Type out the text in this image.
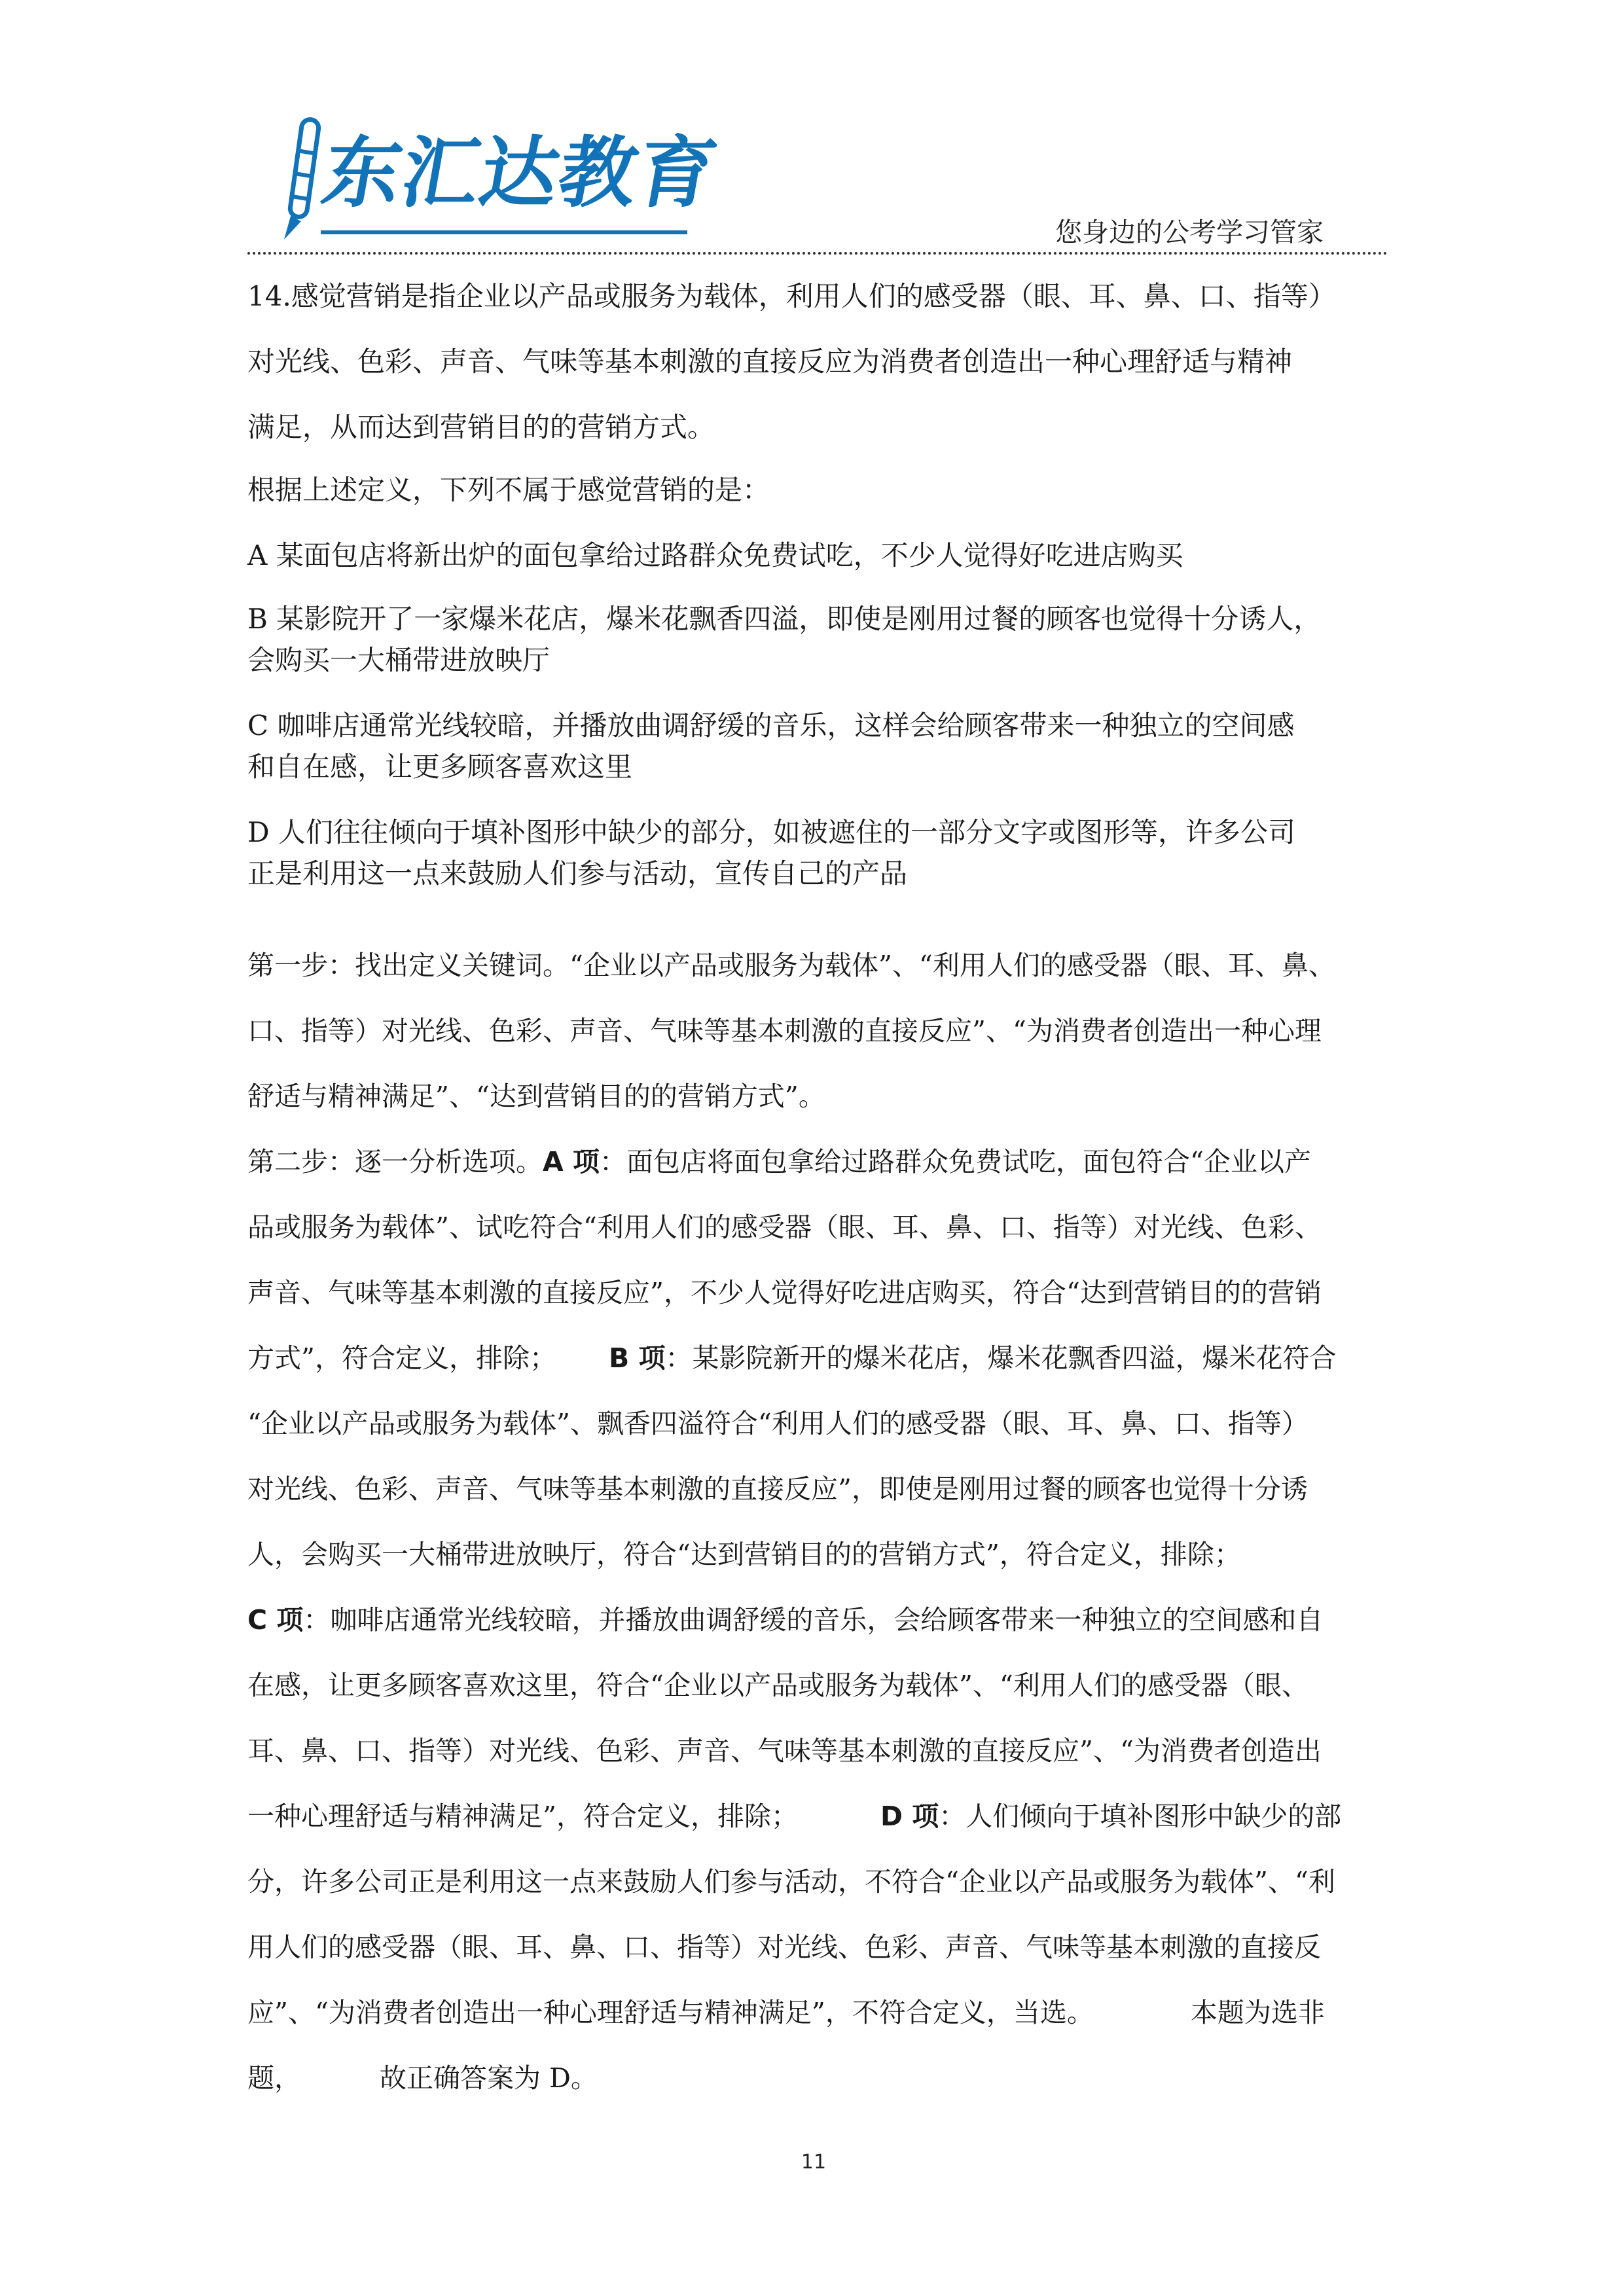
东汇达教育
您身边的公考学习管家
14.感觉营销是指企业以产品或服务为载体，利用人们的感受器（眼、耳、鼻、口、指等）
对光线、色彩、声音、气味等基本刺激的直接反应为消费者创造出一种心理舒适与精神
满足，从而达到营销目的的营销方式。
根据上述定义，下列不属于感觉营销的是：
A 某面包店将新出炉的面包拿给过路群众免费试吃，不少人觉得好吃进店购买
B 某影院开了一家爆米花店，爆米花飘香四溢，即使是刚用过餐的顾客也觉得十分诱人，
会购买一大桶带进放映厅
C 咖啡店通常光线较暗，并播放曲调舒缓的音乐，这样会给顾客带来一种独立的空间感
和自在感，让更多顾客喜欢这里
D 人们往往倾向于填补图形中缺少的部分，如被遮住的一部分文字或图形等，许多公司
正是利用这一点来鼓励人们参与活动，宣传自己的产品
第一步：找出定义关键词。“企业以产品或服务为载体”、“利用人们的感受器（眼、耳、鼻、
口、指等）对光线、色彩、声音、气味等基本刺激的直接反应”、“为消费者创造出一种心理
舒适与精神满足”、“达到营销目的的营销方式”。
第二步：逐一分析选项。A 项：面包店将面包拿给过路群众免费试吃，面包符合“企业以产
品或服务为载体”、试吃符合“利用人们的感受器（眼、耳、鼻、口、指等）对光线、色彩、
声音、气味等基本刺激的直接反应”，不少人觉得好吃进店购买，符合“达到营销目的的营销
方式”，符合定义，排除； B 项：某影院新开的爆米花店，爆米花飘香四溢，爆米花符合
“企业以产品或服务为载体”、飘香四溢符合“利用人们的感受器（眼、耳、鼻、口、指等）
对光线、色彩、声音、气味等基本刺激的直接反应”，即使是刚用过餐的顾客也觉得十分诱
人，会购买一大桶带进放映厅，符合“达到营销目的的营销方式”，符合定义，排除；
C 项：咖啡店通常光线较暗，并播放曲调舒缓的音乐，会给顾客带来一种独立的空间感和自
在感，让更多顾客喜欢这里，符合“企业以产品或服务为载体”、“利用人们的感受器（眼、
耳、鼻、口、指等）对光线、色彩、声音、气味等基本刺激的直接反应”、“为消费者创造出
一种心理舒适与精神满足”，符合定义，排除；	D 项：人们倾向于填补图形中缺少的部
分，许多公司正是利用这一点来鼓励人们参与活动，不符合“企业以产品或服务为载体”、“利
用人们的感受器（眼、耳、鼻、口、指等）对光线、色彩、声音、气味等基本刺激的直接反
应”、“为消费者创造出一种心理舒适与精神满足”，不符合定义，当选。	本题为选非
题，	故正确答案为 D。
11
